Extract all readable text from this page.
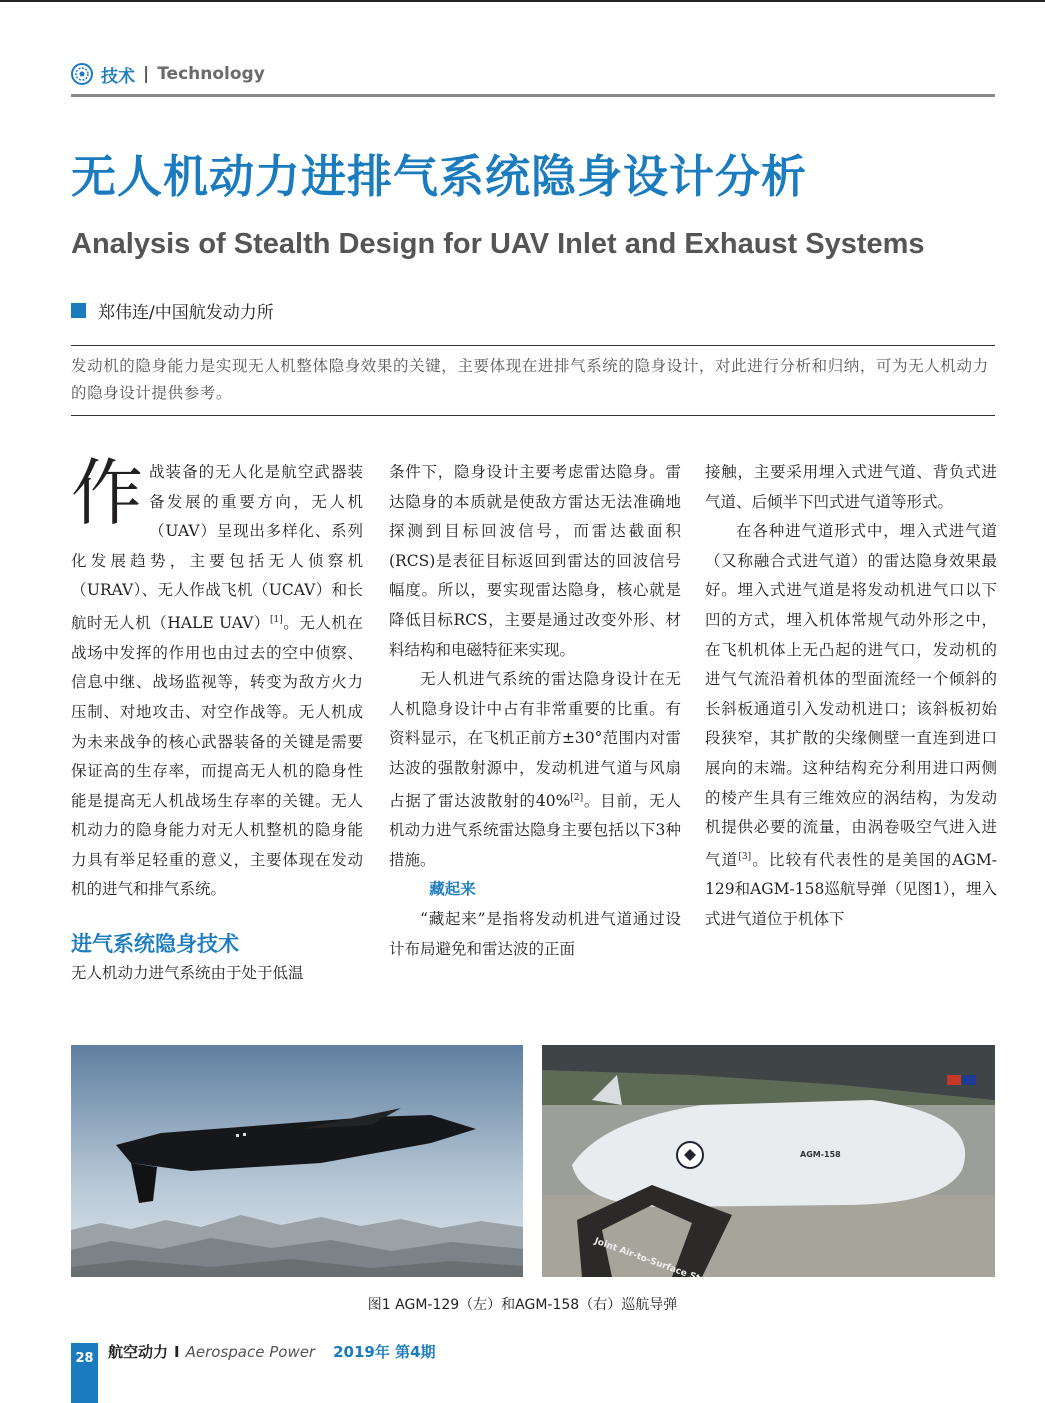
技术 | Technology
无人机动力进排气系统隐身设计分析
Analysis of Stealth Design for UAV Inlet and Exhaust Systems
郑伟连/中国航发动力所
发动机的隐身能力是实现无人机整体隐身效果的关键，主要体现在进排气系统的隐身设计，对此进行分析和归纳，可为无人机动力的隐身设计提供参考。

作战装备的无人化是航空武器装备发展的重要方向，无人机（UAV）呈现出多样化、系列化发展趋势，主要包括无人侦察机（URAV）、无人作战飞机（UCAV）和长航时无人机（HALE UAV）[1]。无人机在战场中发挥的作用也由过去的空中侦察、信息中继、战场监视等，转变为敌方火力压制、对地攻击、对空作战等。无人机成为未来战争的核心武器装备的关键是需要保证高的生存率，而提高无人机的隐身性能是提高无人机战场生存率的关键。无人机动力的隐身能力对无人机整机的隐身能力具有举足轻重的意义，主要体现在发动机的进气和排气系统。

进气系统隐身技术

无人机动力进气系统由于处于低温

条件下，隐身设计主要考虑雷达隐身。雷达隐身的本质就是使敌方雷达无法准确地探测到目标回波信号，而雷达截面积(RCS)是表征目标返回到雷达的回波信号幅度。所以，要实现雷达隐身，核心就是降低目标RCS，主要是通过改变外形、材料结构和电磁特征来实现。

无人机进气系统的雷达隐身设计在无人机隐身设计中占有非常重要的比重。有资料显示，在飞机正前方±30°范围内对雷达波的强散射源中，发动机进气道与风扇占据了雷达波散射的40%[2]。目前，无人机动力进气系统雷达隐身主要包括以下3种措施。

藏起来

“藏起来”是指将发动机进气道通过设计布局避免和雷达波的正面

接触，主要采用埋入式进气道、背负式进气道、后倾半下凹式进气道等形式。

在各种进气道形式中，埋入式进气道（又称融合式进气道）的雷达隐身效果最好。埋入式进气道是将发动机进气口以下凹的方式，埋入机体常规气动外形之中，在飞机机体上无凸起的进气口，发动机的进气气流沿着机体的型面流经一个倾斜的长斜板通道引入发动机进口；该斜板初始段狭窄，其扩散的尖缘侧壁一直连到进口展向的末端。这种结构充分利用进口两侧的棱产生具有三维效应的涡结构，为发动机提供必要的流量，由涡卷吸空气进入进气道[3]。比较有代表性的是美国的AGM-129和AGM-158巡航导弹（见图1），埋入式进气道位于机体下

AGM-158
Joint Air-to-Surface
图1 AGM-129（左）和AGM-158（右）巡航导弹
28 航空动力 I Aerospace Power 2019年 第4期
